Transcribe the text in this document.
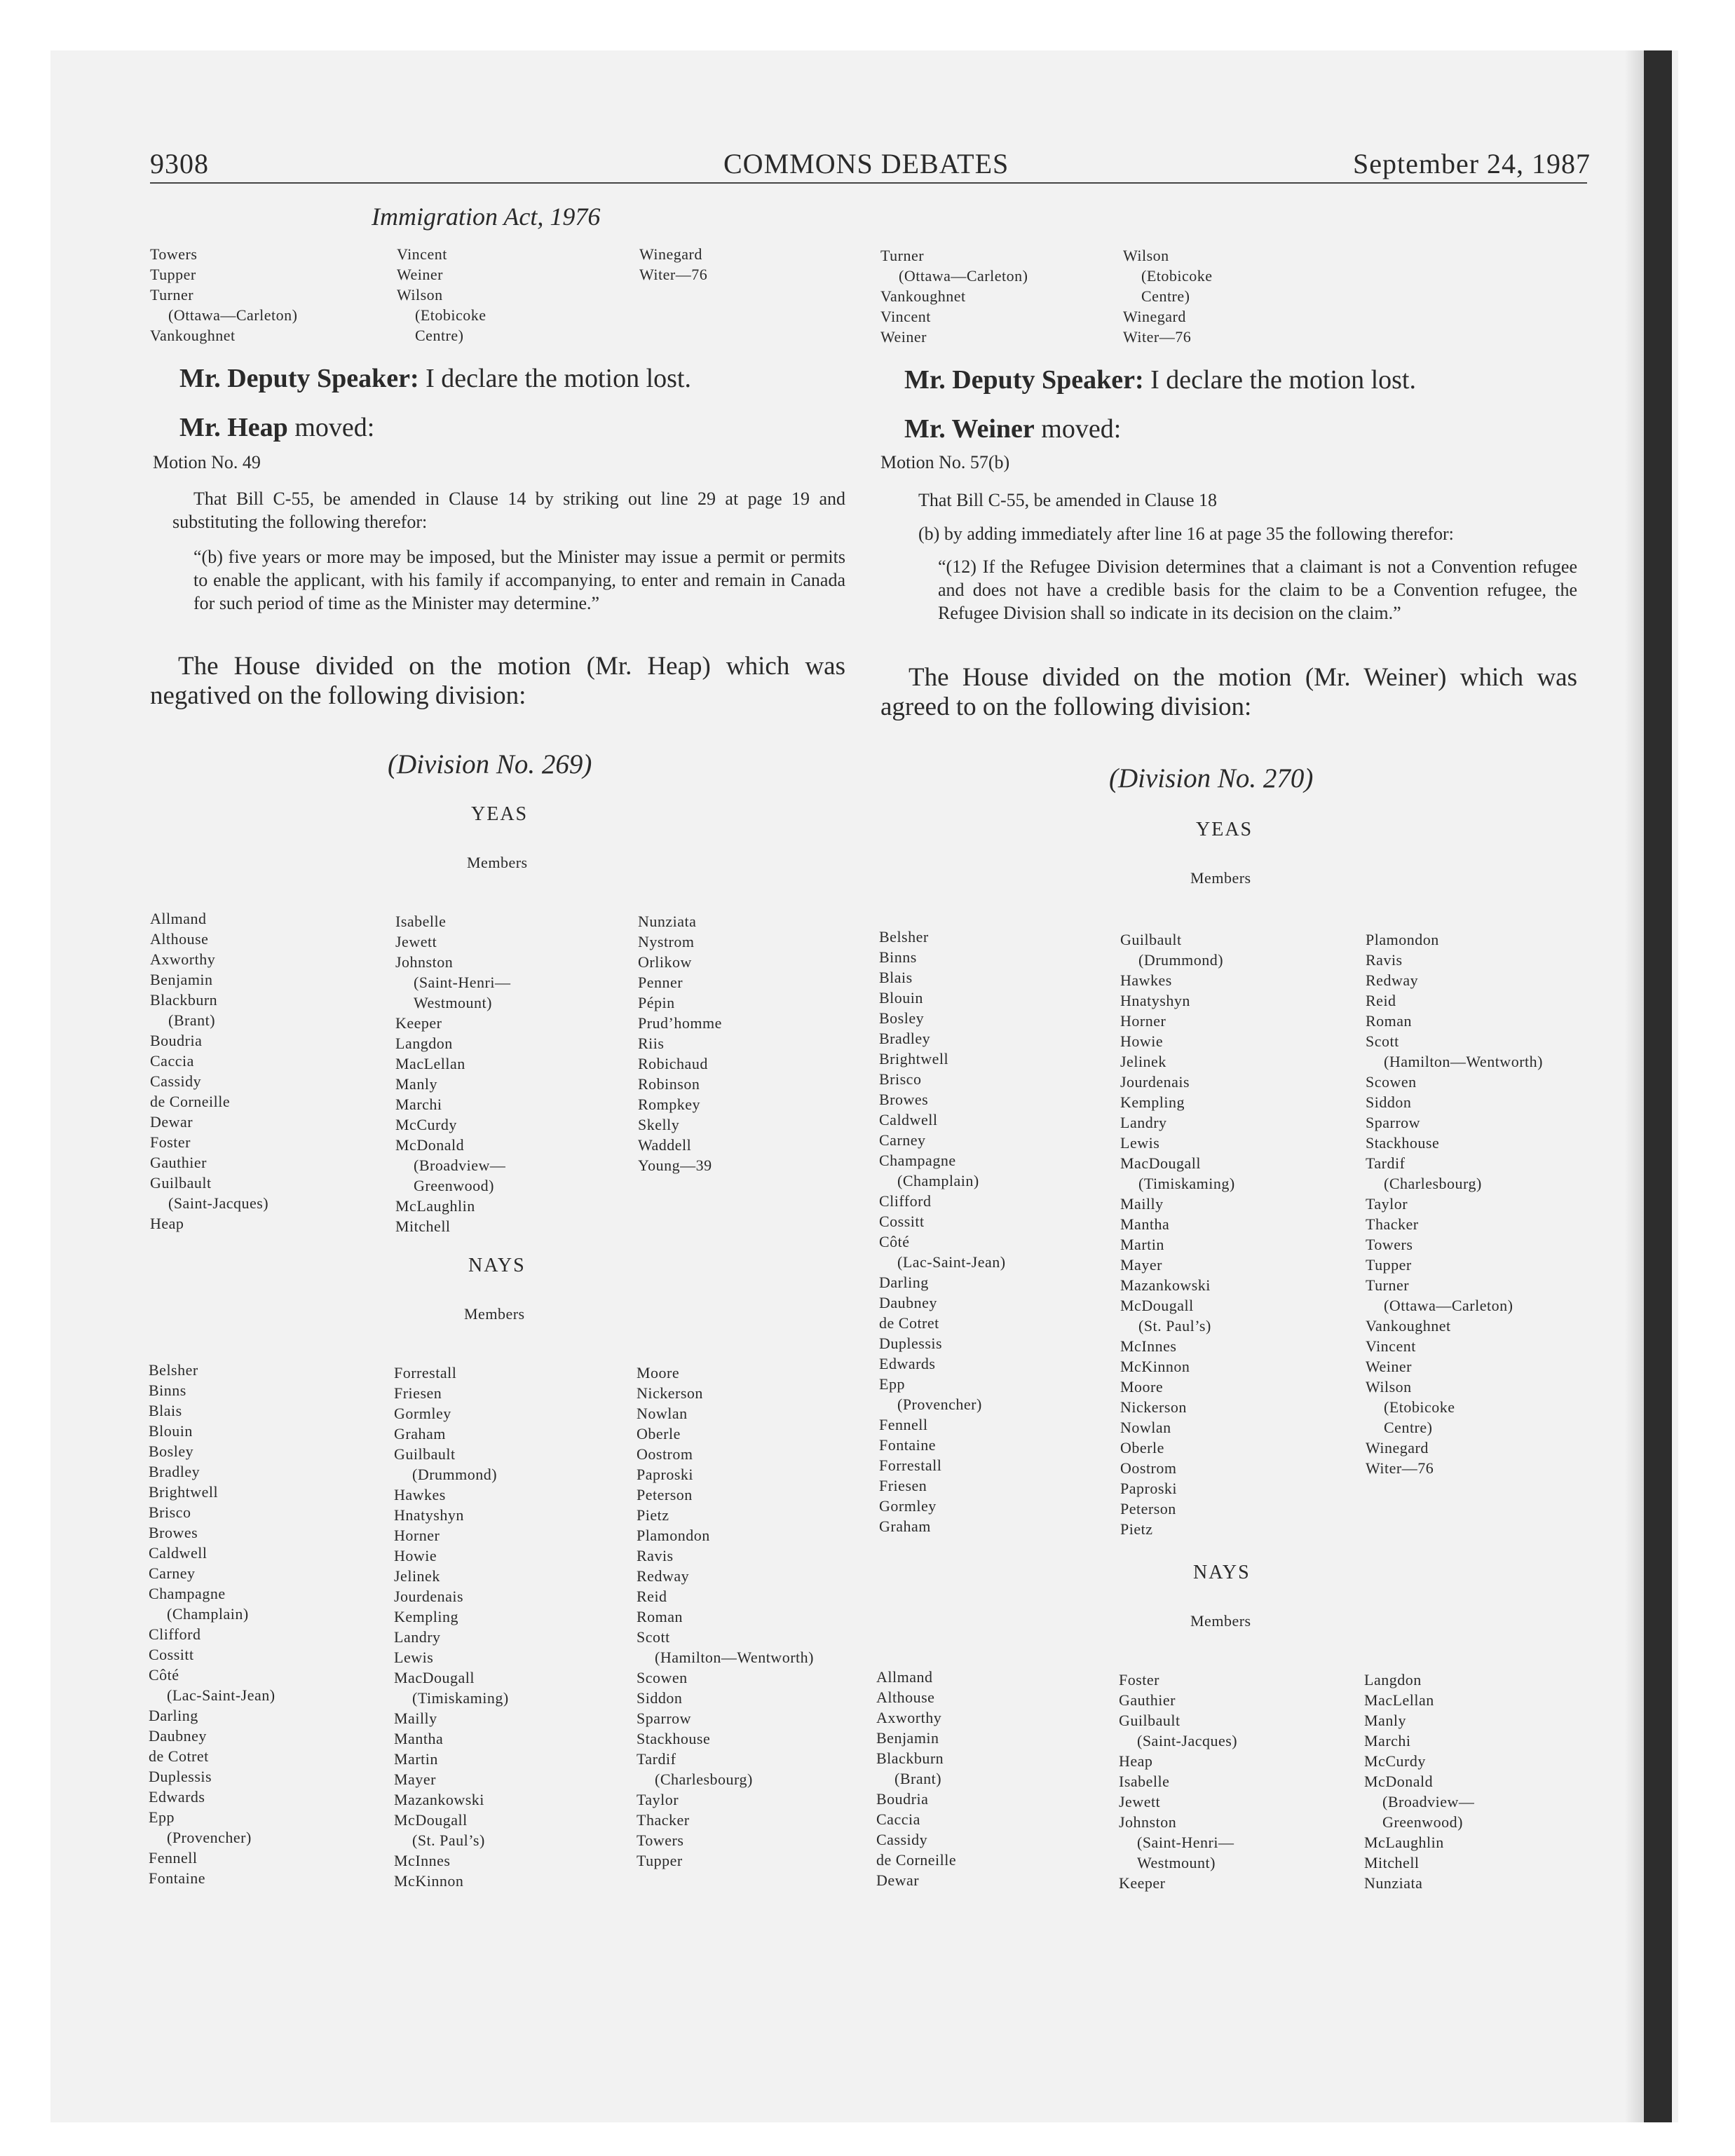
9308	COMMONS DEBATES	September 24, 1987
Immigration Act, 1976
Towers
Tupper
Turner
(Ottawa—Carleton)
Vankoughnet
Vincent
Weiner
Wilson
(Etobicoke
Centre)
Winegard
Witer—76
Mr. Deputy Speaker: I declare the motion lost.
Mr. Heap moved:
Motion No. 49
That Bill C-55, be amended in Clause 14 by striking out line 29 at page 19 and substituting the following therefor:
“(b) five years or more may be imposed, but the Minister may issue a permit or permits to enable the applicant, with his family if accompanying, to enter and remain in Canada for such period of time as the Minister may determine.”
The House divided on the motion (Mr. Heap) which was negatived on the following division:
(Division No. 269)
YEAS
Members
Allmand
Althouse
Axworthy
Benjamin
Blackburn
(Brant)
Boudria
Caccia
Cassidy
de Corneille
Dewar
Foster
Gauthier
Guilbault
(Saint-Jacques)
Heap
Isabelle
Jewett
Johnston
(Saint-Henri—
Westmount)
Keeper
Langdon
MacLellan
Manly
Marchi
McCurdy
McDonald
(Broadview—
Greenwood)
McLaughlin
Mitchell
Nunziata
Nystrom
Orlikow
Penner
Pépin
Prud’homme
Riis
Robichaud
Robinson
Rompkey
Skelly
Waddell
Young—39
NAYS
Members
Belsher
Binns
Blais
Blouin
Bosley
Bradley
Brightwell
Brisco
Browes
Caldwell
Carney
Champagne
(Champlain)
Clifford
Cossitt
Côté
(Lac-Saint-Jean)
Darling
Daubney
de Cotret
Duplessis
Edwards
Epp
(Provencher)
Fennell
Fontaine
Forrestall
Friesen
Gormley
Graham
Guilbault
(Drummond)
Hawkes
Hnatyshyn
Horner
Howie
Jelinek
Jourdenais
Kempling
Landry
Lewis
MacDougall
(Timiskaming)
Mailly
Mantha
Martin
Mayer
Mazankowski
McDougall
(St. Paul’s)
McInnes
McKinnon
Moore
Nickerson
Nowlan
Oberle
Oostrom
Paproski
Peterson
Pietz
Plamondon
Ravis
Redway
Reid
Roman
Scott
(Hamilton—Wentworth)
Scowen
Siddon
Sparrow
Stackhouse
Tardif
(Charlesbourg)
Taylor
Thacker
Towers
Tupper
Turner
(Ottawa—Carleton)
Vankoughnet
Vincent
Weiner
Wilson
(Etobicoke
Centre)
Winegard
Witer—76
Mr. Deputy Speaker: I declare the motion lost.
Mr. Weiner moved:
Motion No. 57(b)
That Bill C-55, be amended in Clause 18
(b) by adding immediately after line 16 at page 35 the following therefor:
“(12) If the Refugee Division determines that a claimant is not a Convention refugee and does not have a credible basis for the claim to be a Convention refugee, the Refugee Division shall so indicate in its decision on the claim.”
The House divided on the motion (Mr. Weiner) which was agreed to on the following division:
(Division No. 270)
YEAS
Members
Belsher
Binns
Blais
Blouin
Bosley
Bradley
Brightwell
Brisco
Browes
Caldwell
Carney
Champagne
(Champlain)
Clifford
Cossitt
Côté
(Lac-Saint-Jean)
Darling
Daubney
de Cotret
Duplessis
Edwards
Epp
(Provencher)
Fennell
Fontaine
Forrestall
Friesen
Gormley
Graham
Guilbault
(Drummond)
Hawkes
Hnatyshyn
Horner
Howie
Jelinek
Jourdenais
Kempling
Landry
Lewis
MacDougall
(Timiskaming)
Mailly
Mantha
Martin
Mayer
Mazankowski
McDougall
(St. Paul’s)
McInnes
McKinnon
Moore
Nickerson
Nowlan
Oberle
Oostrom
Paproski
Peterson
Pietz
Plamondon
Ravis
Redway
Reid
Roman
Scott
(Hamilton—Wentworth)
Scowen
Siddon
Sparrow
Stackhouse
Tardif
(Charlesbourg)
Taylor
Thacker
Towers
Tupper
Turner
(Ottawa—Carleton)
Vankoughnet
Vincent
Weiner
Wilson
(Etobicoke
Centre)
Winegard
Witer—76
NAYS
Members
Allmand
Althouse
Axworthy
Benjamin
Blackburn
(Brant)
Boudria
Caccia
Cassidy
de Corneille
Dewar
Foster
Gauthier
Guilbault
(Saint-Jacques)
Heap
Isabelle
Jewett
Johnston
(Saint-Henri—
Westmount)
Keeper
Langdon
MacLellan
Manly
Marchi
McCurdy
McDonald
(Broadview—
Greenwood)
McLaughlin
Mitchell
Nunziata
